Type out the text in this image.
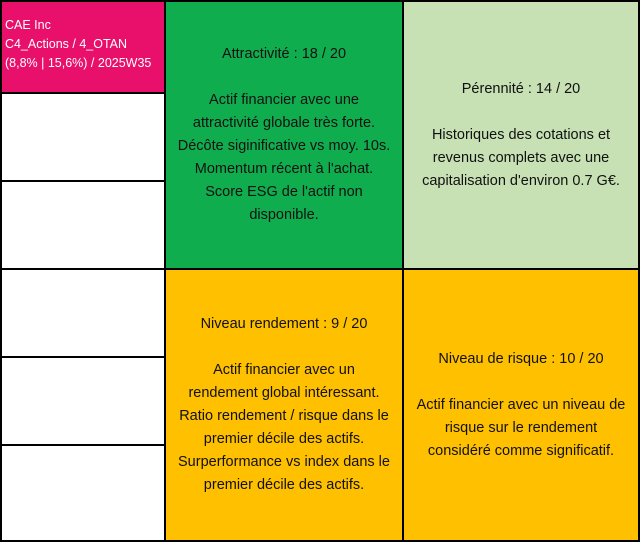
CAE Inc
C4_Actions / 4_OTAN
(8,8% | 15,6%) / 2025W35
Attractivité : 18 / 20
Actif financier avec une
attractivité globale très forte.
Décôte siginificative vs moy. 10s.
Momentum récent à l'achat.
Score ESG de l'actif non
disponible.
Pérennité : 14 / 20
Historiques des cotations et
revenus complets avec une
capitalisation d'environ 0.7 G€.
Niveau rendement : 9 / 20
Actif financier avec un
rendement global intéressant.
Ratio rendement / risque dans le
premier décile des actifs.
Surperformance vs index dans le
premier décile des actifs.
Niveau de risque : 10 / 20
Actif financier avec un niveau de
risque sur le rendement
considéré comme significatif.
